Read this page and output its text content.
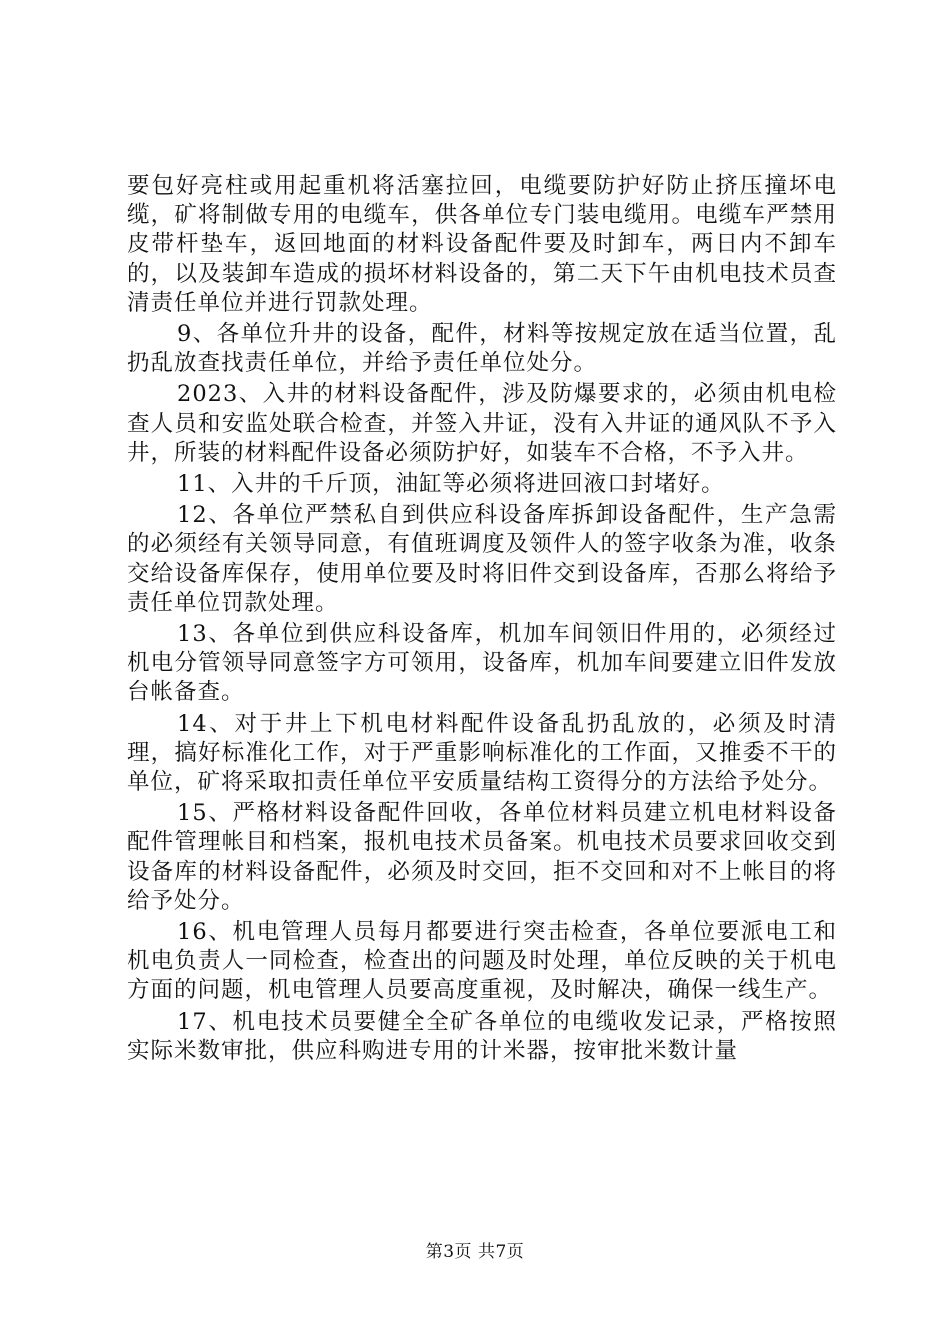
要包好亮柱或用起重机将活塞拉回，电缆要防护好防止挤压撞坏电缆，矿将制做专用的电缆车，供各单位专门装电缆用。电缆车严禁用皮带杆垫车，返回地面的材料设备配件要及时卸车，两日内不卸车的，以及装卸车造成的损坏材料设备的，第二天下午由机电技术员查清责任单位并进行罚款处理。

9、各单位升井的设备，配件，材料等按规定放在适当位置，乱扔乱放查找责任单位，并给予责任单位处分。

2023、入井的材料设备配件，涉及防爆要求的，必须由机电检查人员和安监处联合检查，并签入井证，没有入井证的通风队不予入井，所装的材料配件设备必须防护好，如装车不合格，不予入井。

11、入井的千斤顶，油缸等必须将进回液口封堵好。

12、各单位严禁私自到供应科设备库拆卸设备配件，生产急需的必须经有关领导同意，有值班调度及领件人的签字收条为准，收条交给设备库保存，使用单位要及时将旧件交到设备库，否那么将给予责任单位罚款处理。

13、各单位到供应科设备库，机加车间领旧件用的，必须经过机电分管领导同意签字方可领用，设备库，机加车间要建立旧件发放台帐备查。

14、对于井上下机电材料配件设备乱扔乱放的，必须及时清理，搞好标准化工作，对于严重影响标准化的工作面，又推委不干的单位，矿将采取扣责任单位平安质量结构工资得分的方法给予处分。

15、严格材料设备配件回收，各单位材料员建立机电材料设备配件管理帐目和档案，报机电技术员备案。机电技术员要求回收交到设备库的材料设备配件，必须及时交回，拒不交回和对不上帐目的将给予处分。

16、机电管理人员每月都要进行突击检查，各单位要派电工和机电负责人一同检查，检查出的问题及时处理，单位反映的关于机电方面的问题，机电管理人员要高度重视，及时解决，确保一线生产。

17、机电技术员要健全全矿各单位的电缆收发记录，严格按照实际米数审批，供应科购进专用的计米器，按审批米数计量

第3页 共7页
